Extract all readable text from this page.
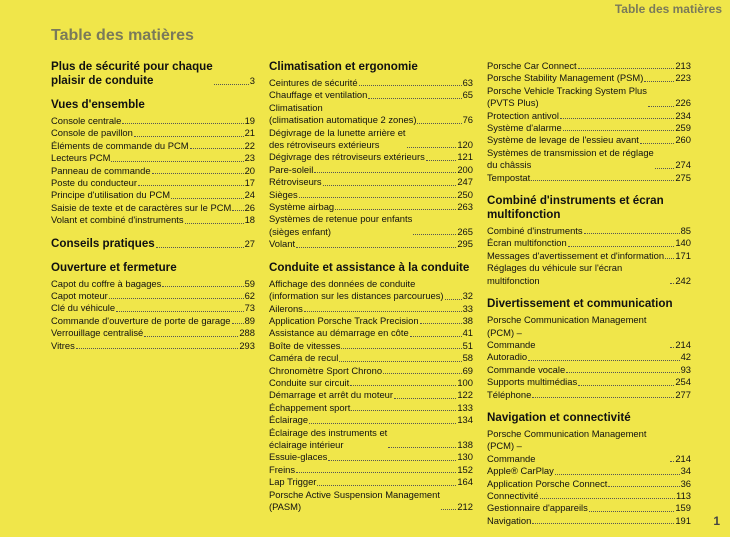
Table des matières
Table des matières
Plus de sécurité pour chaque
plaisir de conduite	3
Vues d'ensemble
Console centrale	19
Console de pavillon	21
Éléments de commande du PCM	22
Lecteurs PCM	23
Panneau de commande	20
Poste du conducteur	17
Principe d'utilisation du PCM	24
Saisie de texte et de caractères sur le PCM 26
Volant et combiné d'instruments	18
Conseils pratiques	27
Ouverture et fermeture
Capot du coffre à bagages	59
Capot moteur	62
Clé du véhicule	73
Commande d'ouverture de porte de garage 89
Verrouillage centralisé	288
Vitres	293
Climatisation et ergonomie
Ceintures de sécurité	63
Chauffage et ventilation	65
Climatisation
(climatisation automatique 2 zones)	76
Dégivrage de la lunette arrière et
des rétroviseurs extérieurs	120
Dégivrage des rétroviseurs extérieurs	121
Pare-soleil	200
Rétroviseurs	247
Sièges	250
Système airbag	263
Systèmes de retenue pour enfants
(sièges enfant)	265
Volant	295
Conduite et assistance à la conduite
Affichage des données de conduite
(information sur les distances parcourues) 32
Ailerons	33
Application Porsche Track Precision	38
Assistance au démarrage en côte	41
Boîte de vitesses	51
Caméra de recul	58
Chronomètre Sport Chrono	69
Conduite sur circuit	100
Démarrage et arrêt du moteur	122
Échappement sport	133
Éclairage	134
Éclairage des instruments et
éclairage intérieur	138
Essuie-glaces	130
Freins	152
Lap Trigger	164
Porsche Active Suspension Management
(PASM)	212
Porsche Car Connect	213
Porsche Stability Management (PSM)	223
Porsche Vehicle Tracking System Plus
(PVTS Plus)	226
Protection antivol	234
Système d'alarme	259
Système de levage de l'essieu avant	260
Systèmes de transmission et de réglage
du châssis	274
Tempostat	275
Combiné d'instruments et écran
multifonction
Combiné d'instruments	85
Écran multifonction	140
Messages d'avertissement et d'information 171
Réglages du véhicule sur l'écran multifonction	242
Divertissement et communication
Porsche Communication Management (PCM) –
Commande	214
Autoradio	42
Commande vocale	93
Supports multimédias	254
Téléphone	277
Navigation et connectivité
Porsche Communication Management (PCM) –
Commande	214
Apple® CarPlay	34
Application Porsche Connect	36
Connectivité	113
Gestionnaire d'appareils	159
Navigation	191 1
